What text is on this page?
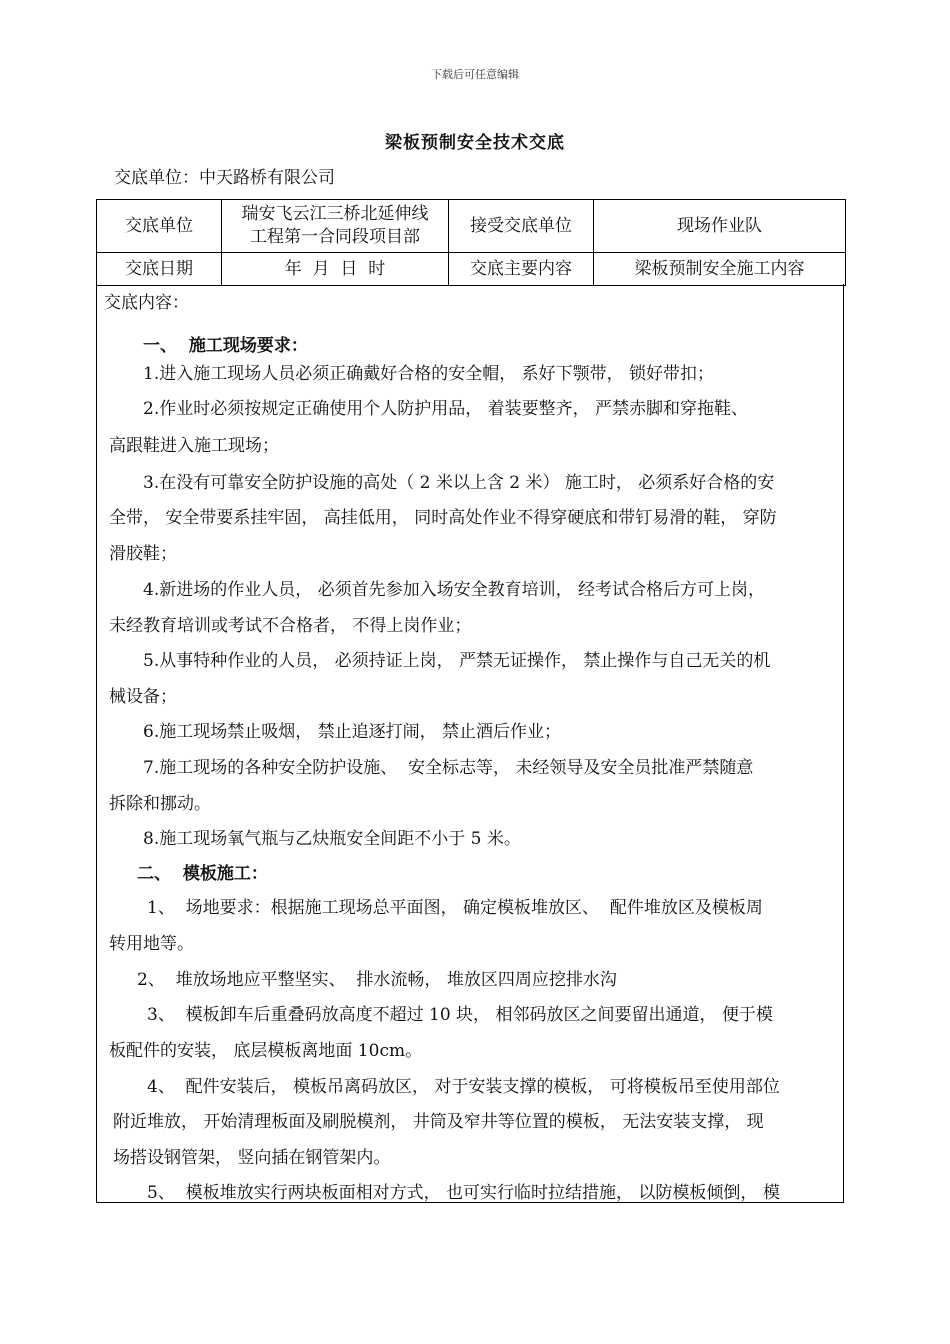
下载后可任意编辑
梁板预制安全技术交底
交底单位：中天路桥有限公司
交底单位	瑞安飞云江三桥北延伸线
工程第一合同段项目部	接受交底单位	现场作业队
交底日期	年  月  日  时	交底主要内容	梁板预制安全施工内容
交底内容：
一、  施工现场要求：
1.进入施工现场人员必须正确戴好合格的安全帽， 系好下颚带， 锁好带扣；
2.作业时必须按规定正确使用个人防护用品， 着装要整齐， 严禁赤脚和穿拖鞋、
高跟鞋进入施工现场；
3.在没有可靠安全防护设施的高处（ 2 米以上含 2 米） 施工时， 必须系好合格的安
全带， 安全带要系挂牢固， 高挂低用， 同时高处作业不得穿硬底和带钉易滑的鞋， 穿防
滑胶鞋；
4.新进场的作业人员， 必须首先参加入场安全教育培训， 经考试合格后方可上岗，
未经教育培训或考试不合格者， 不得上岗作业；
5.从事特种作业的人员， 必须持证上岗， 严禁无证操作， 禁止操作与自己无关的机
械设备；
6.施工现场禁止吸烟， 禁止追逐打闹， 禁止酒后作业；
7.施工现场的各种安全防护设施、  安全标志等， 未经领导及安全员批准严禁随意
拆除和挪动。
8.施工现场氧气瓶与乙炔瓶安全间距不小于 5 米。
二、  模板施工：
1、  场地要求：根据施工现场总平面图， 确定模板堆放区、  配件堆放区及模板周
转用地等。
2、  堆放场地应平整坚实、  排水流畅， 堆放区四周应挖排水沟
3、  模板卸车后重叠码放高度不超过 10 块， 相邻码放区之间要留出通道， 便于模
板配件的安装， 底层模板离地面 10cm。
4、  配件安装后， 模板吊离码放区， 对于安装支撑的模板， 可将模板吊至使用部位
附近堆放， 开始清理板面及刷脱模剂， 井筒及窄井等位置的模板， 无法安装支撑， 现
场搭设钢管架， 竖向插在钢管架内。
5、  模板堆放实行两块板面相对方式， 也可实行临时拉结措施， 以防模板倾倒， 模
